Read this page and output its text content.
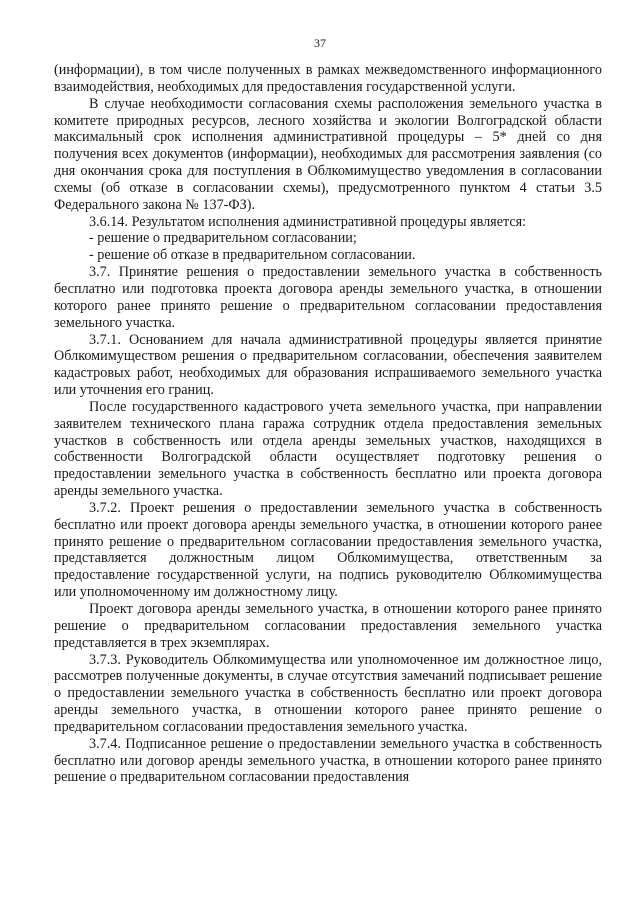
37

(информации), в том числе полученных в рамках межведомственного информационного взаимодействия, необходимых для предоставления государственной услуги.

В случае необходимости согласования схемы расположения земельного участка в комитете природных ресурсов, лесного хозяйства и экологии Волгоградской области максимальный срок исполнения административной процедуры – 5* дней со дня получения всех документов (информации), необходимых для рассмотрения заявления (со дня окончания срока для поступления в Облкомимущество уведомления в согласовании схемы (об отказе в согласовании схемы), предусмотренного пунктом 4 статьи 3.5 Федерального закона № 137-ФЗ).

3.6.14. Результатом исполнения административной процедуры является:

- решение о предварительном согласовании;

- решение об отказе в предварительном согласовании.

3.7. Принятие решения о предоставлении земельного участка в собственность бесплатно или подготовка проекта договора аренды земельного участка, в отношении которого ранее принято решение о предварительном согласовании предоставления земельного участка.

3.7.1. Основанием для начала административной процедуры является принятие Облкомимуществом решения о предварительном согласовании, обеспечения заявителем кадастровых работ, необходимых для образования испрашиваемого земельного участка или уточнения его границ.

После государственного кадастрового учета земельного участка, при направлении заявителем технического плана гаража сотрудник отдела предоставления земельных участков в собственность или отдела аренды земельных участков, находящихся в собственности Волгоградской области осуществляет подготовку решения о предоставлении земельного участка в собственность бесплатно или проекта договора аренды земельного участка.

3.7.2. Проект решения о предоставлении земельного участка в собственность бесплатно или проект договора аренды земельного участка, в отношении которого ранее принято решение о предварительном согласовании предоставления земельного участка, представляется должностным лицом Облкомимущества, ответственным за предоставление государственной услуги, на подпись руководителю Облкомимущества или уполномоченному им должностному лицу.

Проект договора аренды земельного участка, в отношении которого ранее принято решение о предварительном согласовании предоставления земельного участка представляется в трех экземплярах.

3.7.3. Руководитель Облкомимущества или уполномоченное им должностное лицо, рассмотрев полученные документы, в случае отсутствия замечаний подписывает решение о предоставлении земельного участка в собственность бесплатно или проект договора аренды земельного участка, в отношении которого ранее принято решение о предварительном согласовании предоставления земельного участка.

3.7.4. Подписанное решение о предоставлении земельного участка в собственность бесплатно или договор аренды земельного участка, в отношении которого ранее принято решение о предварительном согласовании предоставления
